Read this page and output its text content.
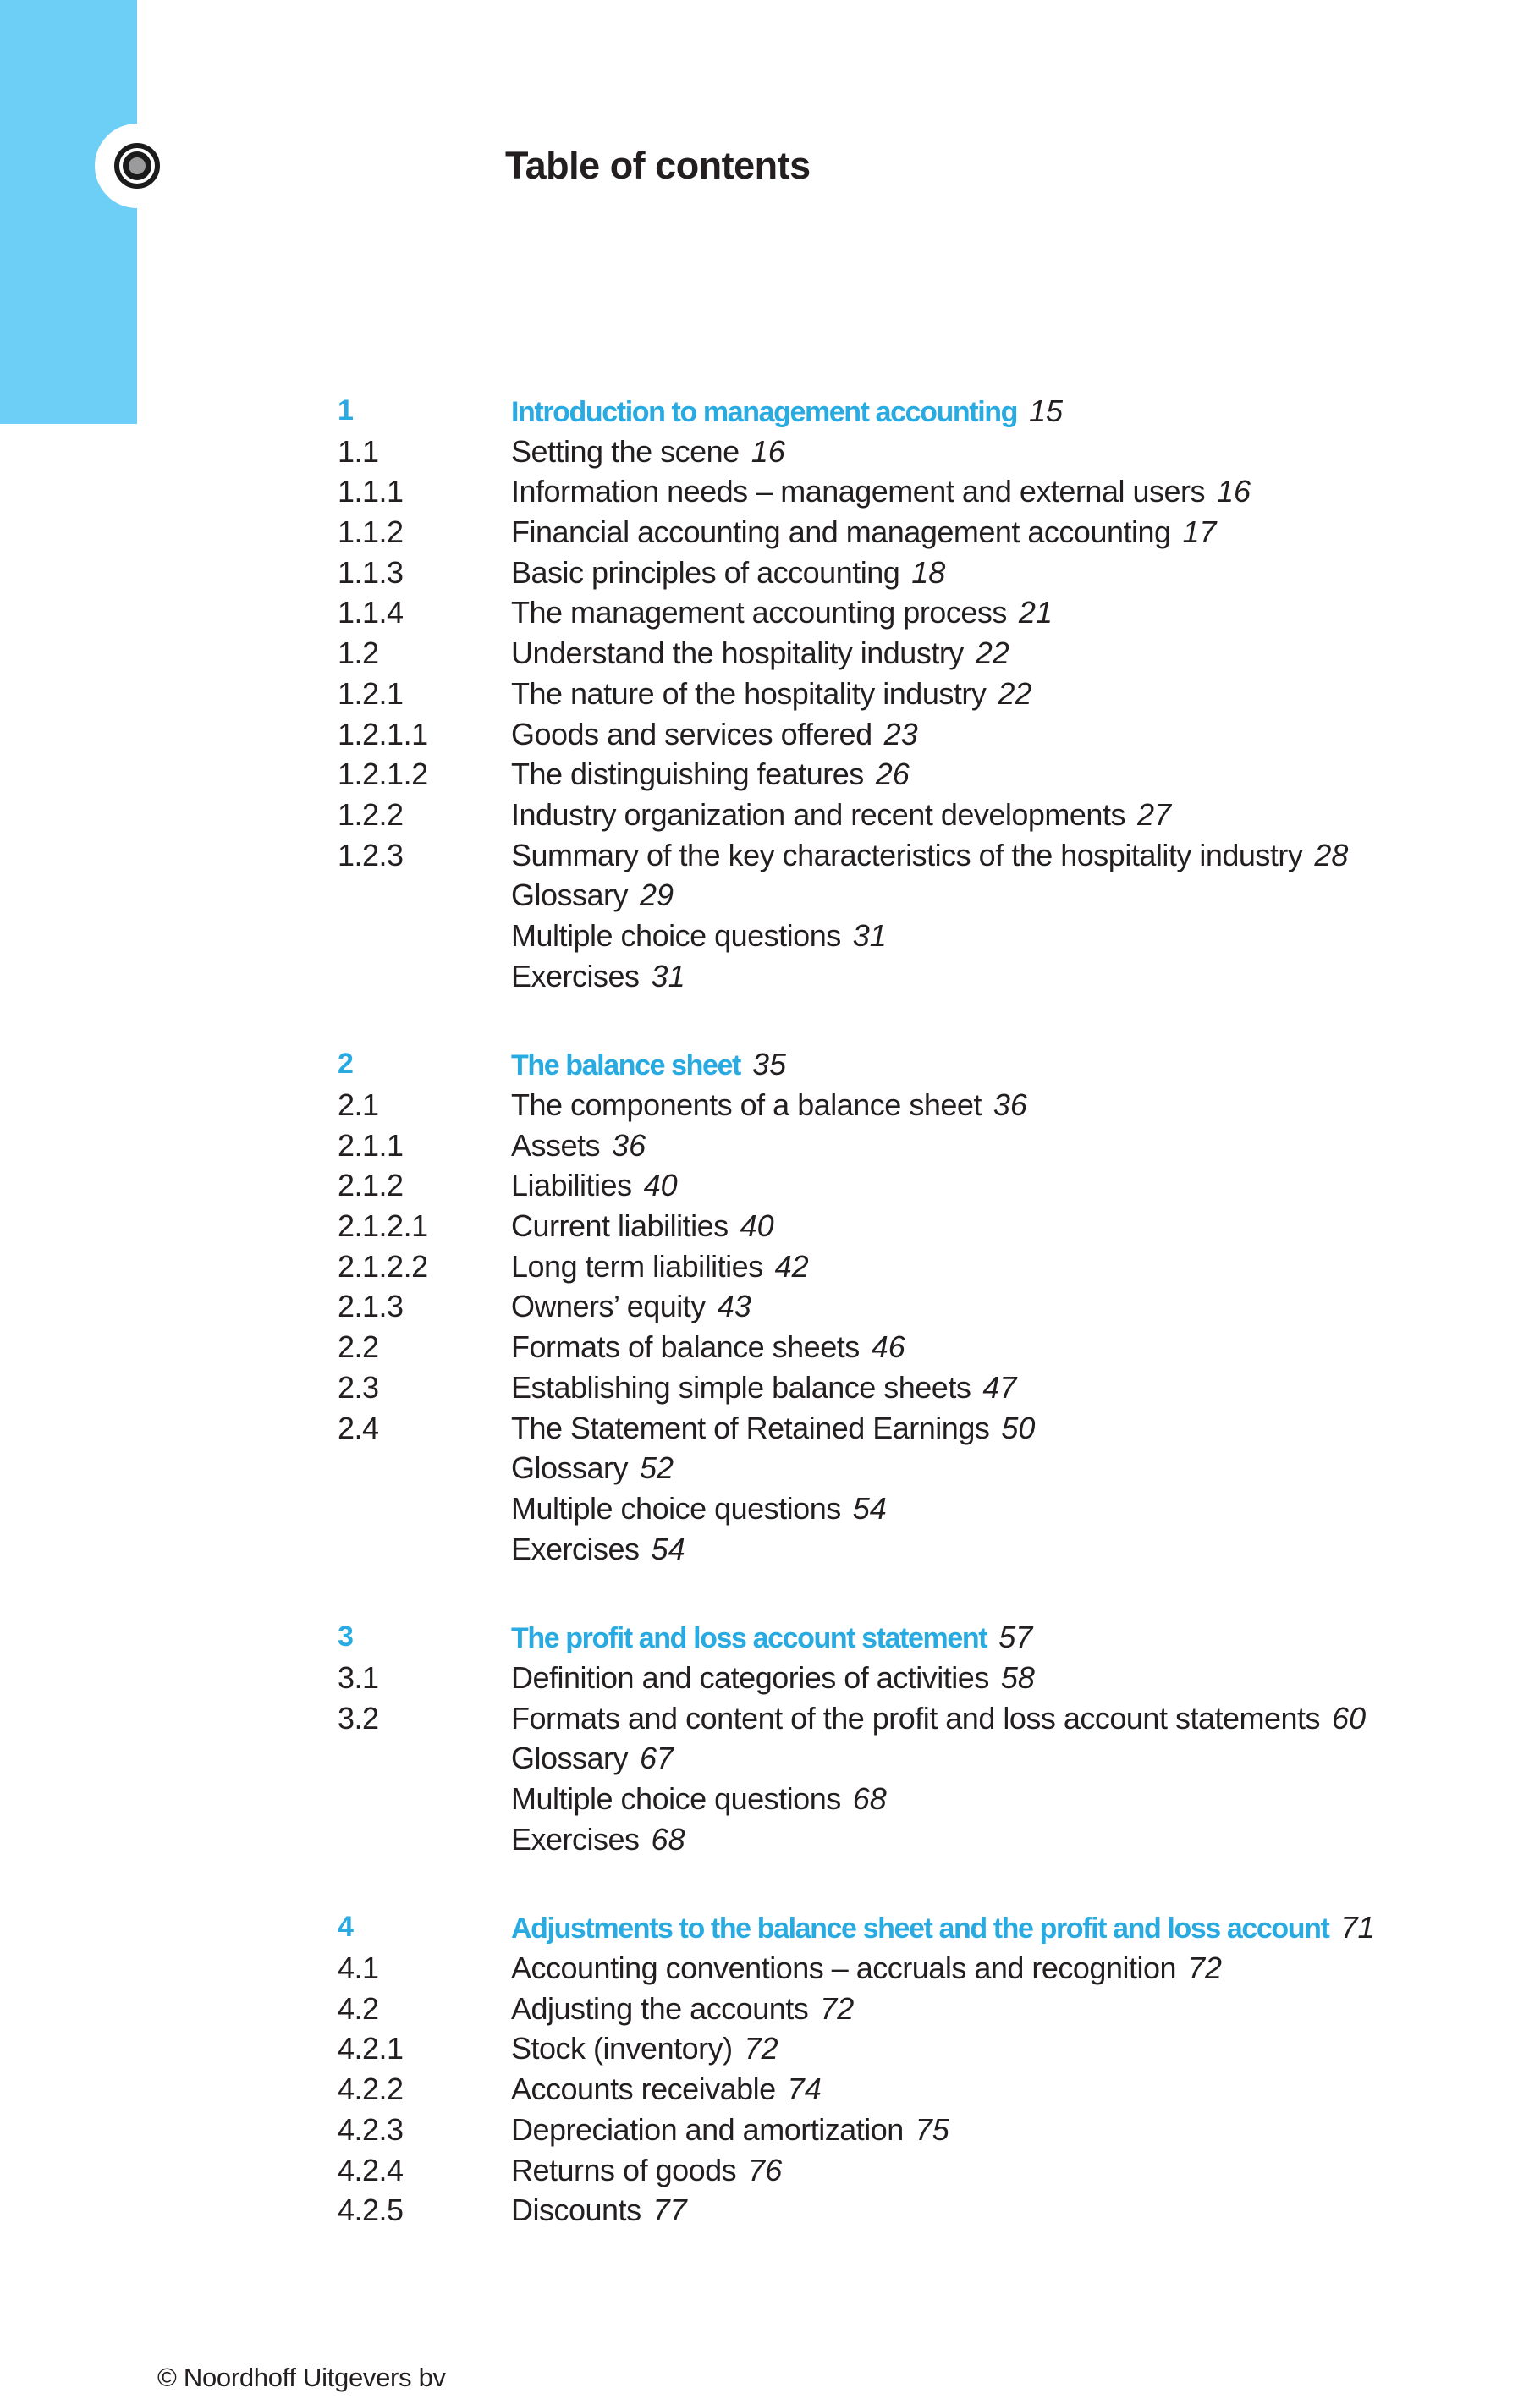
Table of contents
1	Introduction to management accounting 15
1.1	Setting the scene 16
1.1.1	Information needs – management and external users 16
1.1.2	Financial accounting and management accounting 17
1.1.3	Basic principles of accounting 18
1.1.4	The management accounting process 21
1.2	Understand the hospitality industry 22
1.2.1	The nature of the hospitality industry 22
1.2.1.1	Goods and services offered 23
1.2.1.2	The distinguishing features 26
1.2.2	Industry organization and recent developments 27
1.2.3	Summary of the key characteristics of the hospitality industry 28
Glossary 29
Multiple choice questions 31
Exercises 31
2	The balance sheet 35
2.1	The components of a balance sheet 36
2.1.1	Assets 36
2.1.2	Liabilities 40
2.1.2.1	Current liabilities 40
2.1.2.2	Long term liabilities 42
2.1.3	Owners’ equity 43
2.2	Formats of balance sheets 46
2.3	Establishing simple balance sheets 47
2.4	The Statement of Retained Earnings 50
Glossary 52
Multiple choice questions 54
Exercises 54
3	The profit and loss account statement 57
3.1	Definition and categories of activities 58
3.2	Formats and content of the profit and loss account statements 60
Glossary 67
Multiple choice questions 68
Exercises 68
4	Adjustments to the balance sheet and the profit and loss account 71
4.1	Accounting conventions – accruals and recognition 72
4.2	Adjusting the accounts 72
4.2.1	Stock (inventory) 72
4.2.2	Accounts receivable 74
4.2.3	Depreciation and amortization 75
4.2.4	Returns of goods 76
4.2.5	Discounts 77
© Noordhoff Uitgevers bv
